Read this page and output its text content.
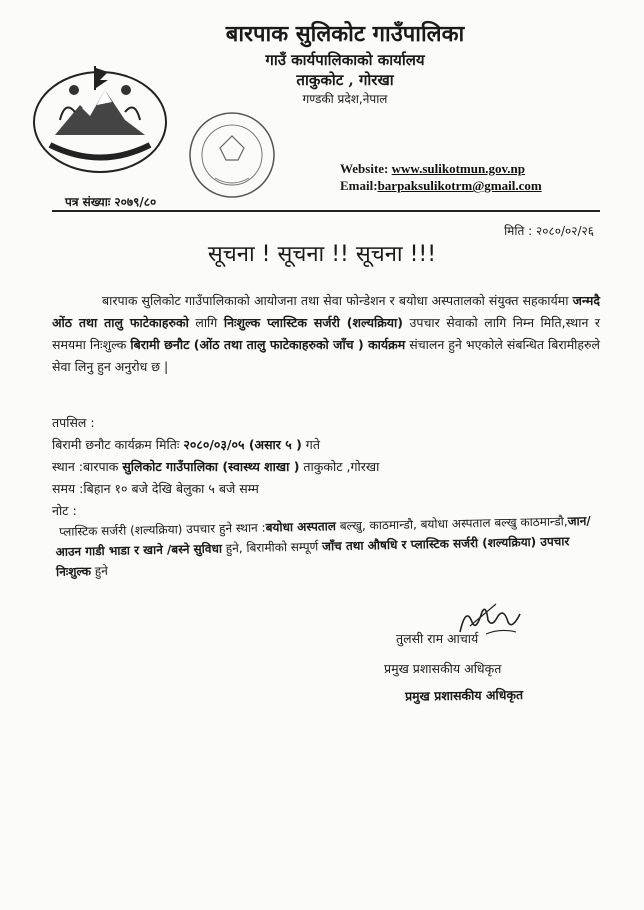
बारपाक सुलिकोट गाउँपालिका
गाउँ कार्यपालिकाको कार्यालय
ताकुकोट , गोरखा
गण्डकी प्रदेश,नेपाल
Website: www.sulikotmun.gov.np
Email:barpaksulikotrm@gmail.com
पत्र संख्याः २०७९/८०
मिति : २०८०/०२/२६
सूचना ! सूचना !! सूचना !!!
बारपाक सुलिकोट गाउँपालिकाको आयोजना तथा सेवा फोन्डेशन र बयोधा अस्पतालको संयुक्त सहकार्यमा जन्मदै ओंठ तथा तालु फाटेकाहरुको लागि निःशुल्क प्लास्टिक सर्जरी (शल्यक्रिया) उपचार सेवाको लागि निम्न मिति,स्थान र समयमा निःशुल्क बिरामी छनौट (ओंठ तथा तालु फाटेकाहरुको जाँच ) कार्यक्रम संचालन हुने भएकोले संबन्धित बिरामीहरुले सेवा लिनु हुन अनुरोध छ |
तपसिल :
बिरामी छनौट कार्यक्रम मितिः २०८०/०३/०५ (असार ५ ) गते
स्थान :बारपाक सुलिकोट गाउँपालिका (स्वास्थ्य शाखा ) ताकुकोट ,गोरखा
समय :बिहान १० बजे देखि बेलुका ५ बजे सम्म
नोट :
प्लास्टिक सर्जरी (शल्यक्रिया) उपचार हुने स्थान :बयोधा अस्पताल बल्खु, काठमान्डौ, बयोधा अस्पताल बल्खु काठमान्डौ,जान/आउन गाडी भाडा र खाने /बस्ने सुविधा हुने, बिरामीको सम्पूर्ण जाँच तथा औषधि र प्लास्टिक सर्जरी (शल्यक्रिया) उपचार निःशुल्क हुने
तुलसी राम आचार्य
प्रमुख प्रशासकीय अधिकृत
प्रमुख प्रशासकीय अधिकृत
